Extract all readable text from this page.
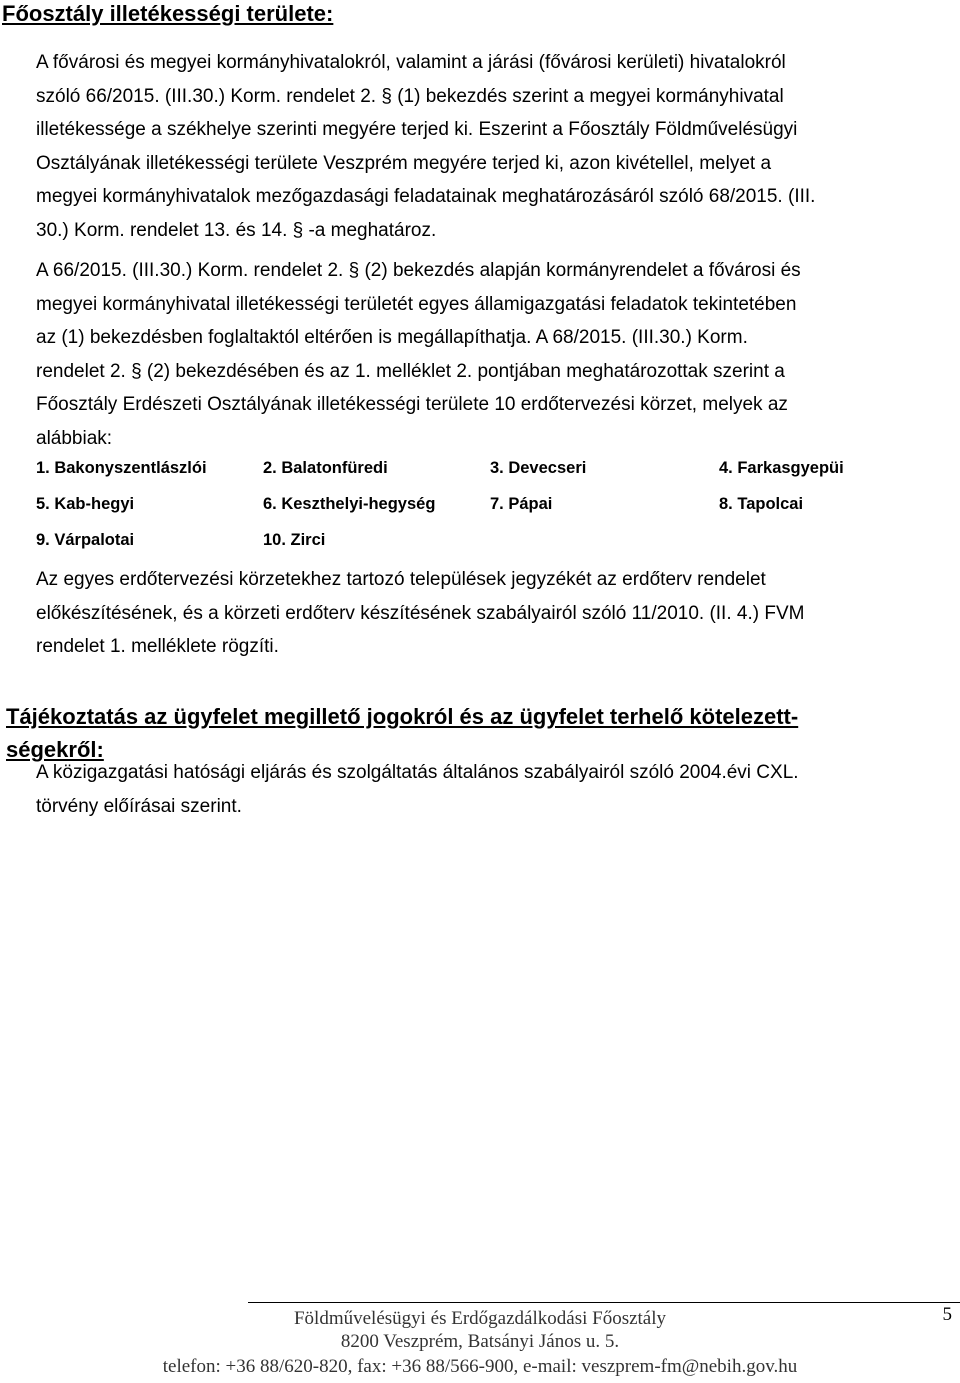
Főosztály illetékességi területe:
A fővárosi és megyei kormányhivatalokról, valamint a járási (fővárosi kerületi) hivatalokról
szóló 66/2015. (III.30.) Korm. rendelet 2. § (1) bekezdés szerint a megyei kormányhivatal
illetékessége a székhelye szerinti megyére terjed ki. Eszerint a Főosztály Földművelésügyi
Osztályának illetékességi területe Veszprém megyére terjed ki, azon kivétellel, melyet a
megyei kormányhivatalok mezőgazdasági feladatainak meghatározásáról szóló 68/2015. (III.
30.) Korm. rendelet 13. és 14. § -a meghatároz.
A 66/2015. (III.30.) Korm. rendelet 2. § (2) bekezdés alapján kormányrendelet a fővárosi és
megyei kormányhivatal illetékességi területét egyes államigazgatási feladatok tekintetében
az (1) bekezdésben foglaltaktól eltérően is megállapíthatja. A 68/2015. (III.30.) Korm.
rendelet 2. § (2) bekezdésében és az 1. melléklet 2. pontjában meghatározottak szerint a
Főosztály Erdészeti Osztályának illetékességi területe 10 erdőtervezési körzet, melyek az
alábbiak:
1. Bakonyszentlászlói	2. Balatonfüredi	3. Devecseri	4. Farkasgyepüi
5. Kab-hegyi	6. Keszthelyi-hegység	7. Pápai	8. Tapolcai
9. Várpalotai	10. Zirci
Az egyes erdőtervezési körzetekhez tartozó települések jegyzékét az erdőterv rendelet
előkészítésének, és a körzeti erdőterv készítésének szabályairól szóló 11/2010. (II. 4.) FVM
rendelet 1. melléklete rögzíti.
Tájékoztatás az ügyfelet megillető jogokról és az ügyfelet terhelő kötelezett-
ségekről:
A közigazgatási hatósági eljárás és szolgáltatás általános szabályairól szóló 2004.évi CXL.
törvény előírásai szerint.
5
Földművelésügyi és Erdőgazdálkodási Főosztály
8200 Veszprém, Batsányi János u. 5.
telefon: +36 88/620-820, fax: +36 88/566-900, e-mail: veszprem-fm@nebih.gov.hu
